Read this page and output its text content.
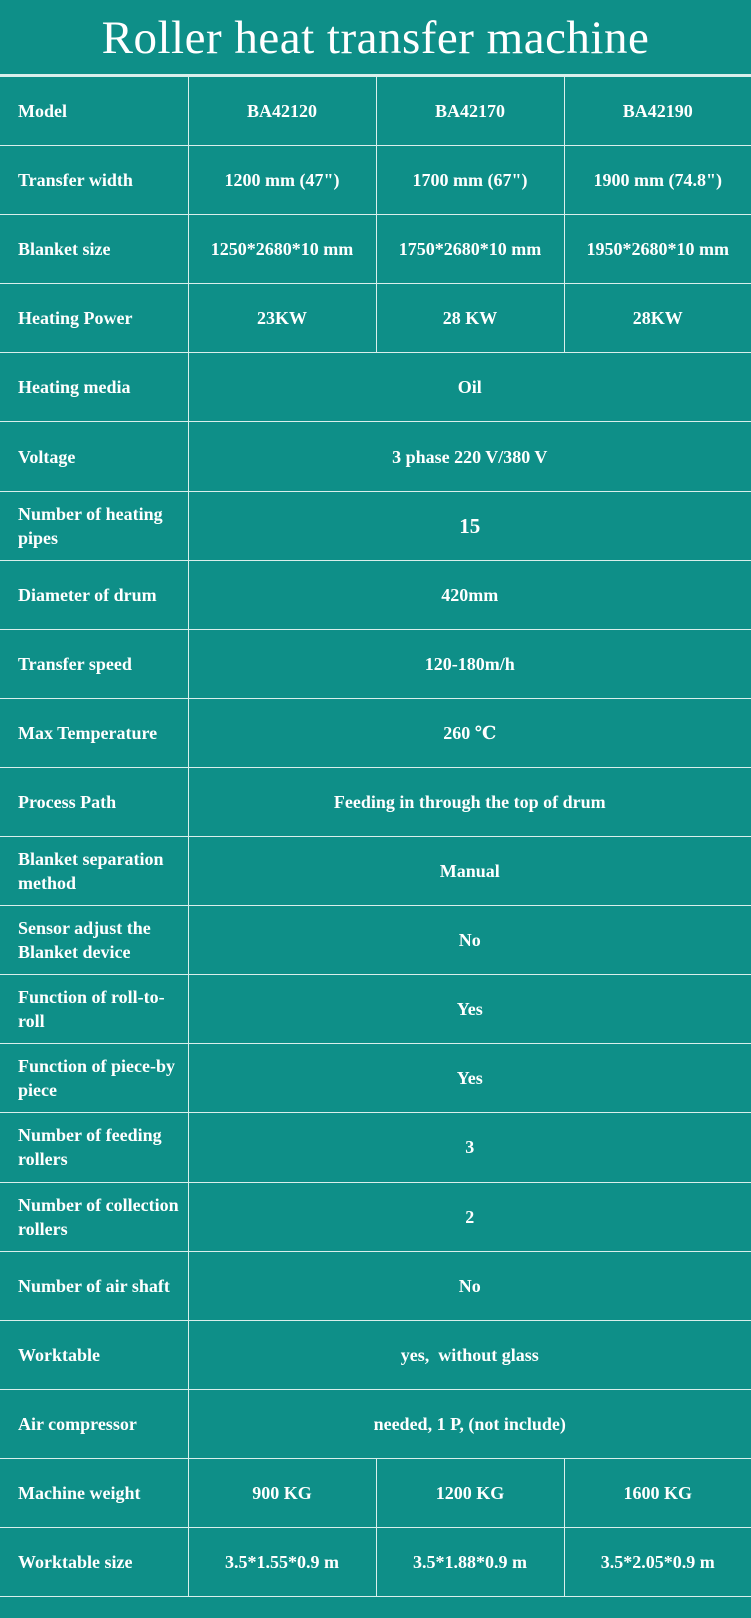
Roller heat transfer machine
Model	BA42120	BA42170	BA42190
Transfer width	1200 mm (47")	1700 mm (67")	1900 mm (74.8")
Blanket size	1250*2680*10 mm	1750*2680*10 mm	1950*2680*10 mm
Heating Power	23KW	28 KW	28KW
Heating media	Oil		
Voltage	3 phase 220 V/380 V		
Number of heating pipes	15		
Diameter of drum	420mm		
Transfer speed	120-180m/h		
Max Temperature	260 ℃		
Process Path	Feeding in through the top of drum		
Blanket separation method	Manual		
Sensor adjust the Blanket device	No		
Function of roll-to-roll	Yes		
Function of piece-by piece	Yes		
Number of feeding rollers	3		
Number of collection rollers	2		
Number of air shaft	No		
Worktable	yes,  without glass		
Air compressor	needed, 1 P, (not include)		
Machine weight	900 KG	1200 KG	1600 KG
Worktable size	3.5*1.55*0.9 m	3.5*1.88*0.9 m	3.5*2.05*0.9 m
